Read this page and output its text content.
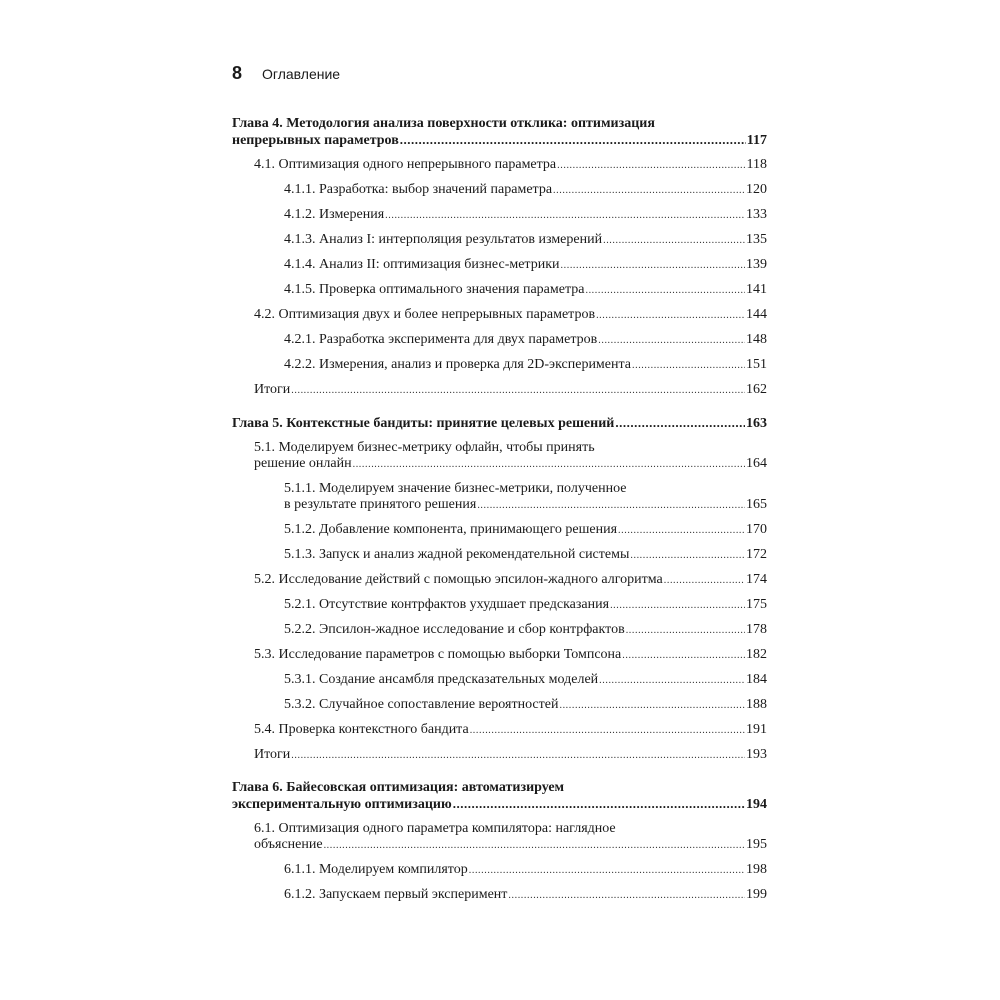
8 Оглавление
Глава 4. Методология анализа поверхности отклика: оптимизация
непрерывных параметров .....	117
4.1. Оптимизация одного непрерывного параметра .....	118
4.1.1. Разработка: выбор значений параметра .....	120
4.1.2. Измерения .....	133
4.1.3. Анализ I: интерполяция результатов измерений .....	135
4.1.4. Анализ II: оптимизация бизнес-метрики .....	139
4.1.5. Проверка оптимального значения параметра .....	141
4.2. Оптимизация двух и более непрерывных параметров .....	144
4.2.1. Разработка эксперимента для двух параметров .....	148
4.2.2. Измерения, анализ и проверка для 2D-эксперимента .....	151
Итоги .....	162
Глава 5. Контекстные бандиты: принятие целевых решений .....	163
5.1. Моделируем бизнес-метрику офлайн, чтобы принять
решение онлайн .....	164
5.1.1. Моделируем значение бизнес-метрики, полученное
в результате принятого решения .....	165
5.1.2. Добавление компонента, принимающего решения .....	170
5.1.3. Запуск и анализ жадной рекомендательной системы .....	172
5.2. Исследование действий с помощью эпсилон-жадного алгоритма .....	174
5.2.1. Отсутствие контрфактов ухудшает предсказания .....	175
5.2.2. Эпсилон-жадное исследование и сбор контрфактов .....	178
5.3. Исследование параметров с помощью выборки Томпсона .....	182
5.3.1. Создание ансамбля предсказательных моделей .....	184
5.3.2. Случайное сопоставление вероятностей .....	188
5.4. Проверка контекстного бандита .....	191
Итоги .....	193
Глава 6. Байесовская оптимизация: автоматизируем
экспериментальную оптимизацию .....	194
6.1. Оптимизация одного параметра компилятора: наглядное
объяснение .....	195
6.1.1. Моделируем компилятор .....	198
6.1.2. Запускаем первый эксперимент .....	199
